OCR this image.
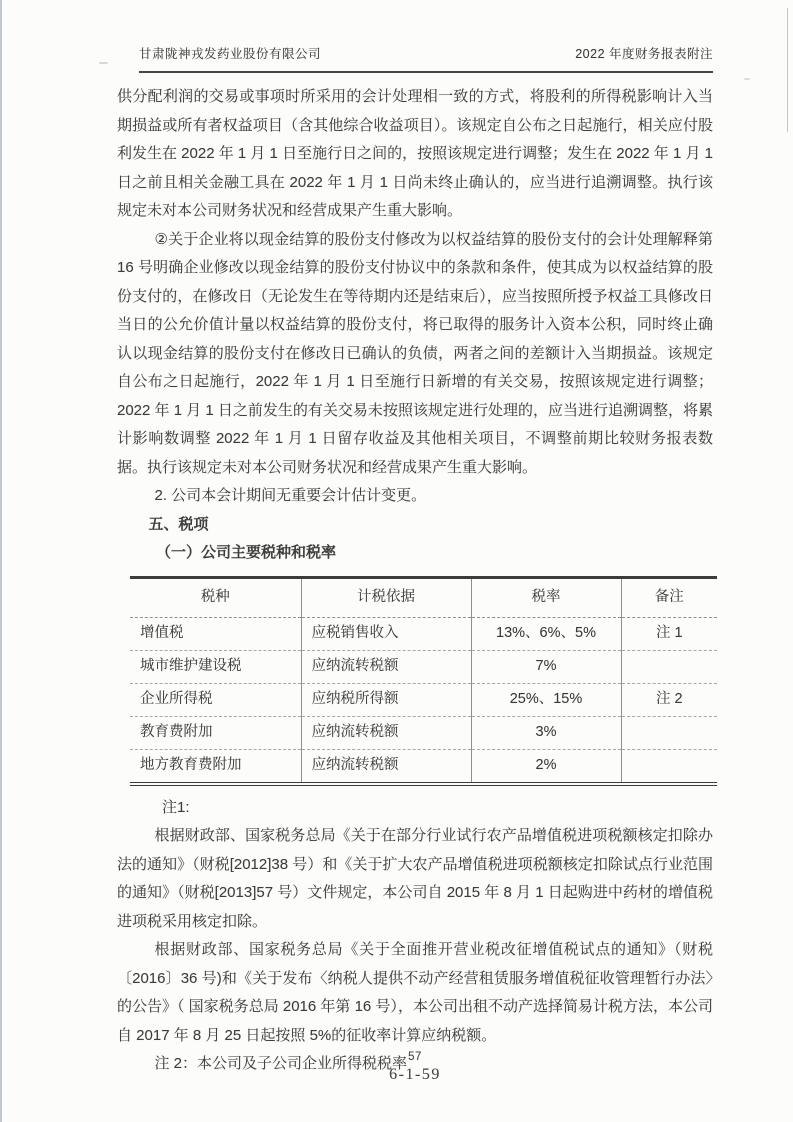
甘肃陇神戎发药业股份有限公司	2022 年度财务报表附注

供分配利润的交易或事项时所采用的会计处理相一致的方式，将股利的所得税影响计入当期损益或所有者权益项目（含其他综合收益项目）。该规定自公布之日起施行，相关应付股利发生在 2022 年 1 月 1 日至施行日之间的，按照该规定进行调整；发生在 2022 年 1 月 1 日之前且相关金融工具在 2022 年 1 月 1 日尚未终止确认的，应当进行追溯调整。执行该规定未对本公司财务状况和经营成果产生重大影响。

②关于企业将以现金结算的股份支付修改为以权益结算的股份支付的会计处理解释第 16 号明确企业修改以现金结算的股份支付协议中的条款和条件，使其成为以权益结算的股份支付的，在修改日（无论发生在等待期内还是结束后），应当按照所授予权益工具修改日当日的公允价值计量以权益结算的股份支付，将已取得的服务计入资本公积，同时终止确认以现金结算的股份支付在修改日已确认的负债，两者之间的差额计入当期损益。该规定自公布之日起施行，2022 年 1 月 1 日至施行日新增的有关交易，按照该规定进行调整； 2022 年 1 月 1 日之前发生的有关交易未按照该规定进行处理的，应当进行追溯调整，将累计影响数调整 2022 年 1 月 1 日留存收益及其他相关项目，不调整前期比较财务报表数据。执行该规定未对本公司财务状况和经营成果产生重大影响。

2. 公司本会计期间无重要会计估计变更。

五、税项

（一）公司主要税种和税率

税种	计税依据	税率	备注
增值税	应税销售收入	13%、6%、5%	注 1
城市维护建设税	应纳流转税额	7%	
企业所得税	应纳税所得额	25%、15%	注 2
教育费附加	应纳流转税额	3%	
地方教育费附加	应纳流转税额	2%	

注1:

根据财政部、国家税务总局《关于在部分行业试行农产品增值税进项税额核定扣除办法的通知》（财税[2012]38 号）和《关于扩大农产品增值税进项税额核定扣除试点行业范围的通知》（财税[2013]57 号）文件规定，本公司自 2015 年 8 月 1 日起购进中药材的增值税进项税采用核定扣除。

根据财政部、国家税务总局《关于全面推开营业税改征增值税试点的通知》（财税〔2016〕36 号)和《关于发布〈纳税人提供不动产经营租赁服务增值税征收管理暂行办法〉的公告》（ 国家税务总局 2016 年第 16 号），本公司出租不动产选择简易计税方法，本公司自 2017 年 8 月 25 日起按照 5%的征收率计算应纳税额。

注 2：本公司及子公司企业所得税税率 57
6-1-59
